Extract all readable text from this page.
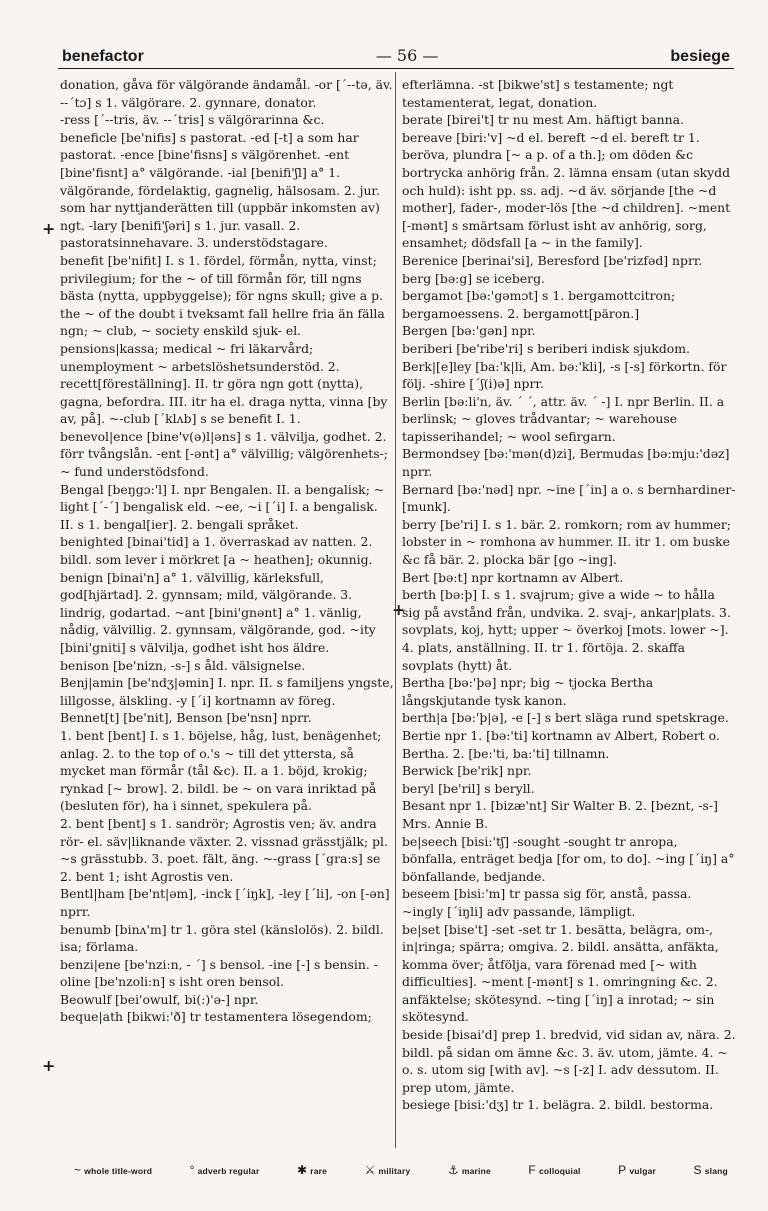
benefactor	— 56 —	besiege

donation, gåva för välgörande ändamål. -or [ˊ--tə, äv. --ˊtɔ] s 1. välgörare. 2. gynnare, donator.

-ress [ˊ--tris, äv. --ˊtris] s välgörarinna &c.

beneficle [be'nifis] s pastorat. -ed [-t] a som har pastorat. -ence [bine'fisns] s välgörenhet. -ent [bine'fisnt] a° välgörande. -ial [benifi'ʃl] a° 1. välgörande, fördelaktig, gagnelig, hälsosam. 2. jur. som har nyttjanderätten till (uppbär inkomsten av) ngt. -lary [benifi'ʃəri] s 1. jur. vasall. 2. pastoratsinnehavare. 3. understödstagare.

benefit [be'nifit] I. s 1. fördel, förmån, nytta, vinst; privilegium; for the ~ of till förmån för, till ngns bästa (nytta, uppbyggelse); för ngns skull; give a p. the ~ of the doubt i tveksamt fall hellre fria än fälla ngn; ~ club, ~ society enskild sjuk- el. pensions|kassa; medical ~ fri läkarvård; unemployment ~ arbetslöshetsunderstöd. 2. recett[föreställning]. II. tr göra ngn gott (nytta), gagna, befordra. III. itr ha el. draga nytta, vinna [by av, på]. ~-club [ˊklʌb] s se benefit I. 1.

benevol|ence [bine'v(ə)l|əns] s 1. välvilja, godhet. 2. förr tvångslån. -ent [-ənt] a° välvillig; välgörenhets-; ~ fund understödsfond.

Bengal [beŋgɔ:'l] I. npr Bengalen. II. a bengalisk; ~ light [ˊ-ˊ] bengalisk eld. ~ee, ~i [ˊi] I. a bengalisk. II. s 1. bengal[ier]. 2. bengali språket.

benighted [binai'tid] a 1. överraskad av natten. 2. bildl. som lever i mörkret [a ~ heathen]; okunnig.

benign [binai'n] a° 1. välvillig, kärleksfull, god[hjärtad]. 2. gynnsam; mild, välgörande. 3. lindrig, godartad. ~ant [bini'gnənt] a° 1. vänlig, nådig, välvillig. 2. gynnsam, välgörande, god. ~ity [bini'gniti] s välvilja, godhet isht hos äldre.

benison [be'nizn, -s-] s åld. välsignelse.

Benj|amin [be'ndʒ|əmin] I. npr. II. s familjens yngste, lillgosse, älskling. -y [ˊi] kortnamn av föreg.

Bennet[t] [be'nit], Benson [be'nsn] nprr.

1. bent [bent] I. s 1. böjelse, håg, lust, benägenhet; anlag. 2. to the top of o.'s ~ till det yttersta, så mycket man förmår (tål &c). II. a 1. böjd, krokig; rynkad [~ brow]. 2. bildl. be ~ on vara inriktad på (besluten för), ha i sinnet, spekulera på.

2. bent [bent] s 1. sandrör; Agrostis ven; äv. andra rör- el. säv|liknande växter. 2. vissnad grässtjälk; pl. ~s grässtubb. 3. poet. fält, äng. ~-grass [ˊgra:s] se 2. bent 1; isht Agrostis ven.

Bentl|ham [be'nt|əm], -inck [ˊiŋk], -ley [ˊli], -on [-ən] nprr.

benumb [binʌ'm] tr 1. göra stel (känslolös). 2. bildl. isa; förlama.

benzi|ene [be'nzi:n, - ˊ] s bensol. -ine [-] s bensin. -oline [be'nzoli:n] s isht oren bensol.

Beowulf [bei'owulf, bi(:)'ə-] npr.

beque|ath [bikwi:'ð] tr testamentera lösegendom;

efterlämna. -st [bikwe'st] s testamente; ngt testamenterat, legat, donation.

berate [birei't] tr nu mest Am. häftigt banna.

bereave [biri:'v] ~d el. bereft ~d el. bereft tr 1. beröva, plundra [~ a p. of a th.]; om döden &c bortrycka anhörig från. 2. lämna ensam (utan skydd och huld): isht pp. ss. adj. ~d äv. sörjande [the ~d mother], fader-, moder-lös [the ~d children]. ~ment [-mənt] s smärtsam förlust isht av anhörig, sorg, ensamhet; dödsfall [a ~ in the family].

Berenice [berinai'si], Beresford [be'rizfəd] nprr.

berg [bə:g] se iceberg.

bergamot [bə:'gəmɔt] s 1. bergamottcitron; bergamoessens. 2. bergamott[päron.]

Bergen [bə:'gən] npr.

beriberi [be'ribe'ri] s beriberi indisk sjukdom.

Berk|[e]ley [ba:'k|li, Am. bə:'kli], -s [-s] förkortn. för följ. -shire [ˊʃ(i)ə] nprr.

Berlin [bə:li'n, äv. ˊ ˊ, attr. äv. ˊ -] I. npr Berlin. II. a berlinsk; ~ gloves trådvantar; ~ warehouse tapisserihandel; ~ wool sefirgarn.

Bermondsey [bə:'mən(d)zi], Bermudas [bə:mju:'dəz] nprr.

Bernard [bə:'nəd] npr. ~ine [ˊin] a o. s bernhardiner-[munk].

berry [be'ri] I. s 1. bär. 2. romkorn; rom av hummer; lobster in ~ romhona av hummer. II. itr 1. om buske &c få bär. 2. plocka bär [go ~ing].

Bert [bə:t] npr kortnamn av Albert.

berth [bə:þ] I. s 1. svajrum; give a wide ~ to hålla sig på avstånd från, undvika. 2. svaj-, ankar|plats. 3. sovplats, koj, hytt; upper ~ överkoj [mots. lower ~]. 4. plats, anställning. II. tr 1. förtöja. 2. skaffa sovplats (hytt) åt.

Bertha [bə:'þə] npr; big ~ tjocka Bertha långskjutande tysk kanon.

berth|a [bə:'þ|ə], -e [-] s bert släga rund spetskrage.

Bertie npr 1. [bə:'ti] kortnamn av Albert, Robert o. Bertha. 2. [be:'ti, ba:'ti] tillnamn.

Berwick [be'rik] npr.

beryl [be'ril] s beryll.

Besant npr 1. [bizæ'nt] Sir Walter B. 2. [beznt, -s-] Mrs. Annie B.

be|seech [bisi:'tʃ] -sought -sought tr anropa, bönfalla, enträget bedja [for om, to do]. ~ing [ˊiŋ] a° bönfallande, bedjande.

beseem [bisi:'m] tr passa sig för, anstå, passa. ~ingly [ˊiŋli] adv passande, lämpligt.

be|set [bise't] -set -set tr 1. besätta, belägra, om-, in|ringa; spärra; omgiva. 2. bildl. ansätta, anfäkta, komma över; åtfölja, vara förenad med [~ with difficulties]. ~ment [-mənt] s 1. omringning &c. 2. anfäktelse; skötesynd. ~ting [ˊiŋ] a inrotad; ~ sin skötesynd.

beside [bisai'd] prep 1. bredvid, vid sidan av, nära. 2. bildl. på sidan om ämne &c. 3. äv. utom, jämte. 4. ~ o. s. utom sig [with av]. ~s [-z] I. adv dessutom. II. prep utom, jämte.

besiege [bisi:'dʒ] tr 1. belägra. 2. bildl. bestorma.

+
+
+
~ whole title-word	° adverb regular	✱ rare	⚔ military	⚓ marine	F colloquial	P vulgar	S slang
